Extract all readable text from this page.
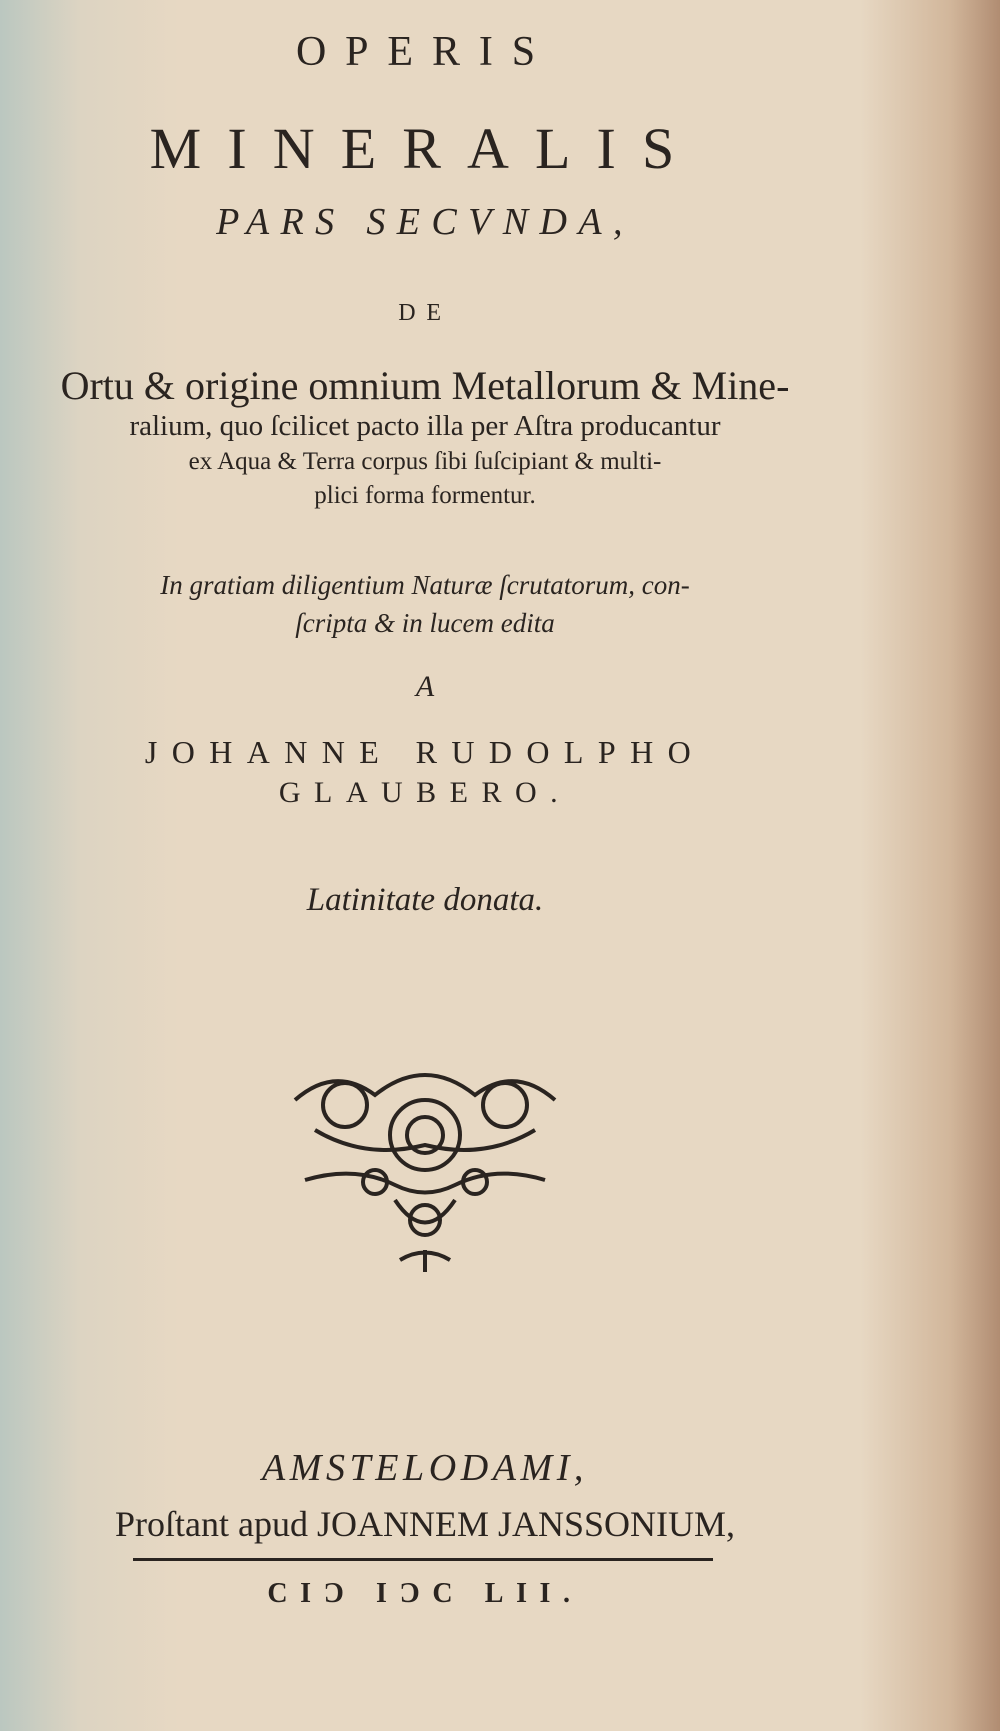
OPERIS
MINERALIS
PARS SECVNDA,
DE
Ortu & origine omnium Metallorum & Mine-
ralium, quo ſcilicet pacto illa per Aſtra producantur
ex Aqua & Terra corpus ſibi ſuſcipiant & multi-
plici forma formentur.
In gratiam diligentium Naturæ ſcrutatorum, con-
ſcripta & in lucem edita
A
JOHANNE RUDOLPHO
GLAUBERO.
Latinitate donata.
AMSTELODAMI,
Proſtant apud JOANNEM JANSSONIUM,
CIƆ IƆC LII.
